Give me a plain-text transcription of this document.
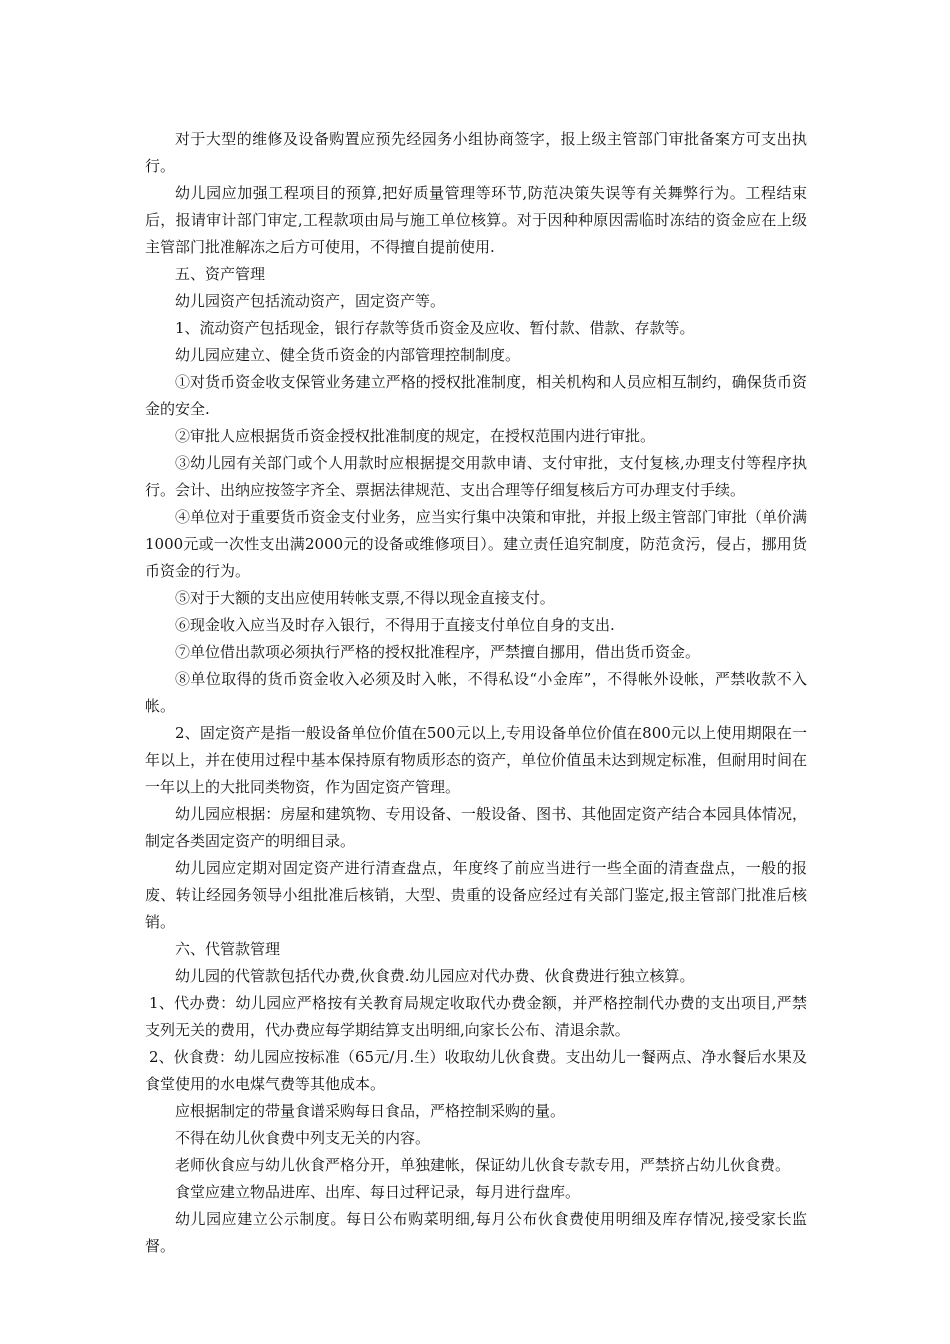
对于大型的维修及设备购置应预先经园务小组协商签字，报上级主管部门审批备案方可支出执行。

幼儿园应加强工程项目的预算,把好质量管理等环节,防范决策失误等有关舞弊行为。工程结束后，报请审计部门审定,工程款项由局与施工单位核算。对于因种种原因需临时冻结的资金应在上级主管部门批准解冻之后方可使用，不得擅自提前使用.

五、资产管理

幼儿园资产包括流动资产，固定资产等。

1、流动资产包括现金，银行存款等货币资金及应收、暂付款、借款、存款等。

幼儿园应建立、健全货币资金的内部管理控制制度。

①对货币资金收支保管业务建立严格的授权批准制度，相关机构和人员应相互制约，确保货币资金的安全.

②审批人应根据货币资金授权批准制度的规定，在授权范围内进行审批。

③幼儿园有关部门或个人用款时应根据提交用款申请、支付审批，支付复核,办理支付等程序执行。会计、出纳应按签字齐全、票据法律规范、支出合理等仔细复核后方可办理支付手续。

④单位对于重要货币资金支付业务，应当实行集中决策和审批，并报上级主管部门审批（单价满1000元或一次性支出满2000元的设备或维修项目）。建立责任追究制度，防范贪污，侵占，挪用货币资金的行为。

⑤对于大额的支出应使用转帐支票,不得以现金直接支付。

⑥现金收入应当及时存入银行，不得用于直接支付单位自身的支出.

⑦单位借出款项必须执行严格的授权批准程序，严禁擅自挪用，借出货币资金。

⑧单位取得的货币资金收入必须及时入帐，不得私设“小金库”，不得帐外设帐，严禁收款不入帐。

2、固定资产是指一般设备单位价值在500元以上,专用设备单位价值在800元以上使用期限在一年以上，并在使用过程中基本保持原有物质形态的资产，单位价值虽未达到规定标准，但耐用时间在一年以上的大批同类物资，作为固定资产管理。

幼儿园应根据：房屋和建筑物、专用设备、一般设备、图书、其他固定资产结合本园具体情况，制定各类固定资产的明细目录。

幼儿园应定期对固定资产进行清查盘点，年度终了前应当进行一些全面的清查盘点，一般的报废、转让经园务领导小组批准后核销，大型、贵重的设备应经过有关部门鉴定,报主管部门批准后核销。

六、代管款管理

幼儿园的代管款包括代办费,伙食费.幼儿园应对代办费、伙食费进行独立核算。

1、代办费：幼儿园应严格按有关教育局规定收取代办费金额，并严格控制代办费的支出项目,严禁支列无关的费用，代办费应每学期结算支出明细,向家长公布、清退余款。

2、伙食费：幼儿园应按标准（65元/月.生）收取幼儿伙食费。支出幼儿一餐两点、净水餐后水果及食堂使用的水电煤气费等其他成本。

应根据制定的带量食谱采购每日食品，严格控制采购的量。

不得在幼儿伙食费中列支无关的内容。

老师伙食应与幼儿伙食严格分开，单独建帐，保证幼儿伙食专款专用，严禁挤占幼儿伙食费。

食堂应建立物品进库、出库、每日过秤记录，每月进行盘库。

幼儿园应建立公示制度。每日公布购菜明细,每月公布伙食费使用明细及库存情况,接受家长监督。
